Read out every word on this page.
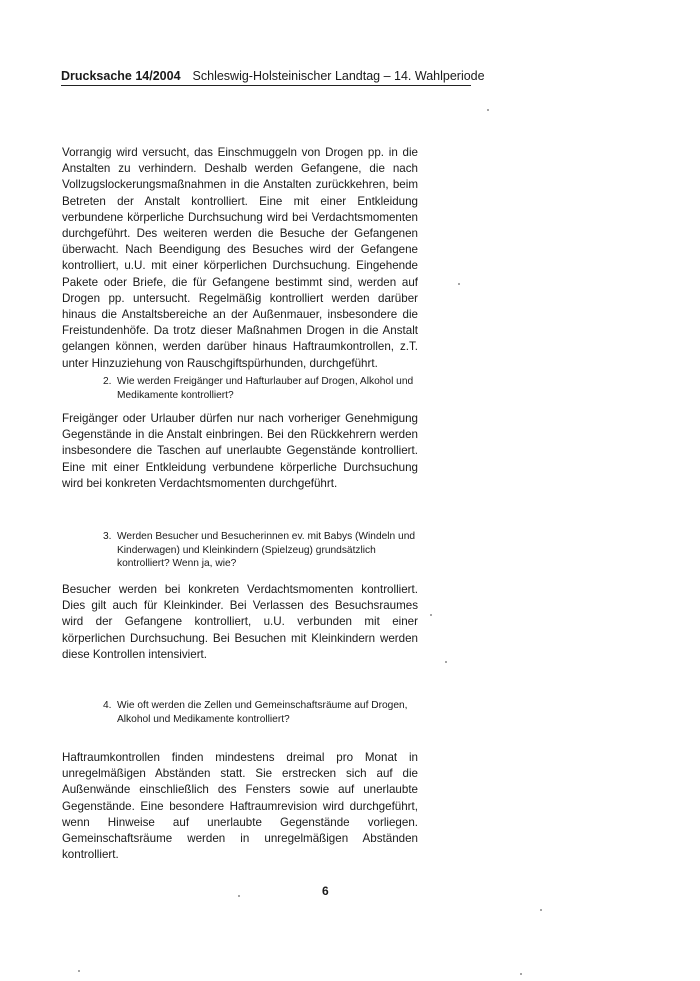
Drucksache 14/2004 Schleswig-Holsteinischer Landtag – 14. Wahlperiode

Vorrangig wird versucht, das Einschmuggeln von Drogen pp. in die Anstalten zu verhindern. Deshalb werden Gefangene, die nach Vollzugslockerungsmaßnahmen in die Anstalten zurückkehren, beim Betreten der Anstalt kontrolliert. Eine mit einer Entkleidung verbundene körperliche Durchsuchung wird bei Verdachtsmomenten durchgeführt. Des weiteren werden die Besuche der Gefangenen überwacht. Nach Beendigung des Besuches wird der Gefangene kontrolliert, u.U. mit einer körperlichen Durchsuchung. Eingehende Pakete oder Briefe, die für Gefangene bestimmt sind, werden auf Drogen pp. untersucht. Regelmäßig kontrolliert werden darüber hinaus die Anstaltsbereiche an der Außenmauer, insbesondere die Freistundenhöfe. Da trotz dieser Maßnahmen Drogen in die Anstalt gelangen können, werden darüber hinaus Haftraumkontrollen, z.T. unter Hinzuziehung von Rauschgiftspürhunden, durchgeführt.

2. Wie werden Freigänger und Hafturlauber auf Drogen, Alkohol und Medikamente kontrolliert?

Freigänger oder Urlauber dürfen nur nach vorheriger Genehmigung Gegenstände in die Anstalt einbringen. Bei den Rückkehrern werden insbesondere die Taschen auf unerlaubte Gegenstände kontrolliert. Eine mit einer Entkleidung verbundene körperliche Durchsuchung wird bei konkreten Verdachtsmomenten durchgeführt.

3. Werden Besucher und Besucherinnen ev. mit Babys (Windeln und Kinderwagen) und Kleinkindern (Spielzeug) grundsätzlich kontrolliert? Wenn ja, wie?

Besucher werden bei konkreten Verdachtsmomenten kontrolliert. Dies gilt auch für Kleinkinder. Bei Verlassen des Besuchsraumes wird der Gefangene kontrolliert, u.U. verbunden mit einer körperlichen Durchsuchung. Bei Besuchen mit Kleinkindern werden diese Kontrollen intensiviert.

4. Wie oft werden die Zellen und Gemeinschaftsräume auf Drogen, Alkohol und Medikamente kontrolliert?

Haftraumkontrollen finden mindestens dreimal pro Monat in unregelmäßigen Abständen statt. Sie erstrecken sich auf die Außenwände einschließlich des Fensters sowie auf unerlaubte Gegenstände. Eine besondere Haftraumrevision wird durchgeführt, wenn Hinweise auf unerlaubte Gegenstände vorliegen. Gemeinschaftsräume werden in unregelmäßigen Abständen kontrolliert.

6
